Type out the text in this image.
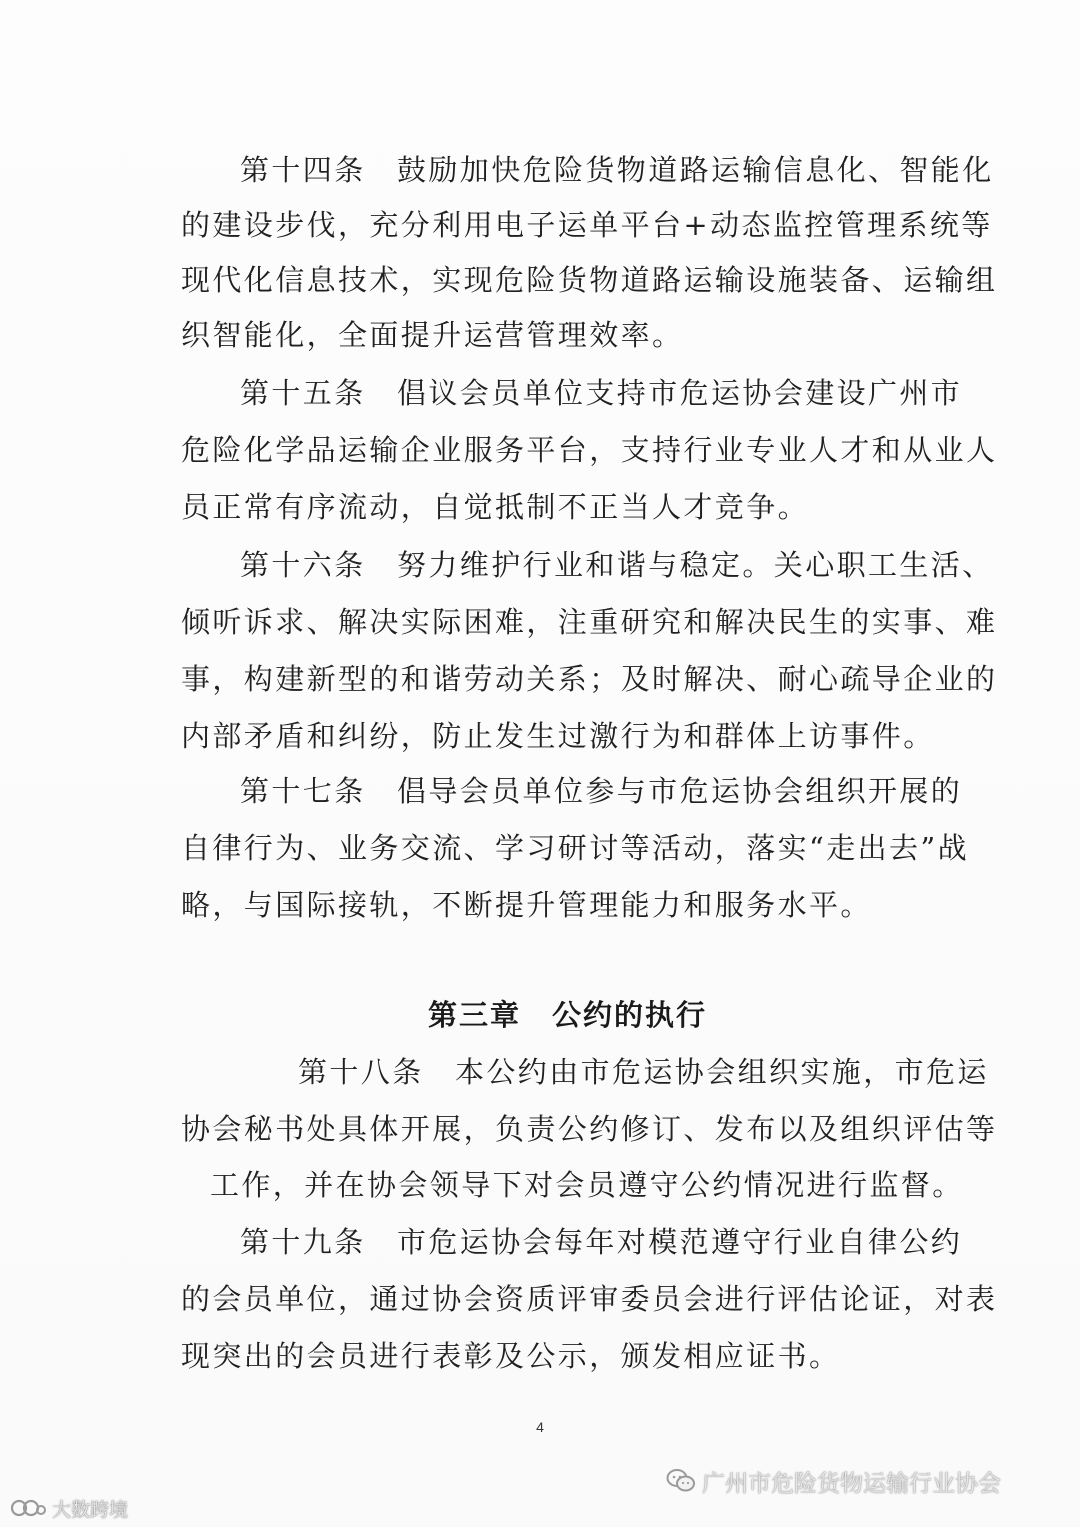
第十四条　鼓励加快危险货物道路运输信息化、智能化
的建设步伐，充分利用电子运单平台+动态监控管理系统等
现代化信息技术，实现危险货物道路运输设施装备、运输组
织智能化，全面提升运营管理效率。
第十五条　倡议会员单位支持市危运协会建设广州市
危险化学品运输企业服务平台，支持行业专业人才和从业人
员正常有序流动，自觉抵制不正当人才竞争。
第十六条　努力维护行业和谐与稳定。关心职工生活、
倾听诉求、解决实际困难，注重研究和解决民生的实事、难
事，构建新型的和谐劳动关系；及时解决、耐心疏导企业的
内部矛盾和纠纷，防止发生过激行为和群体上访事件。
第十七条　倡导会员单位参与市危运协会组织开展的
自律行为、业务交流、学习研讨等活动，落实“走出去”战
略，与国际接轨，不断提升管理能力和服务水平。
第三章　公约的执行
第十八条　本公约由市危运协会组织实施，市危运
协会秘书处具体开展，负责公约修订、发布以及组织评估等
工作，并在协会领导下对会员遵守公约情况进行监督。
第十九条　市危运协会每年对模范遵守行业自律公约
的会员单位，通过协会资质评审委员会进行评估论证，对表
现突出的会员进行表彰及公示，颁发相应证书。
4
广州市危险货物运输行业协会
大数跨境
